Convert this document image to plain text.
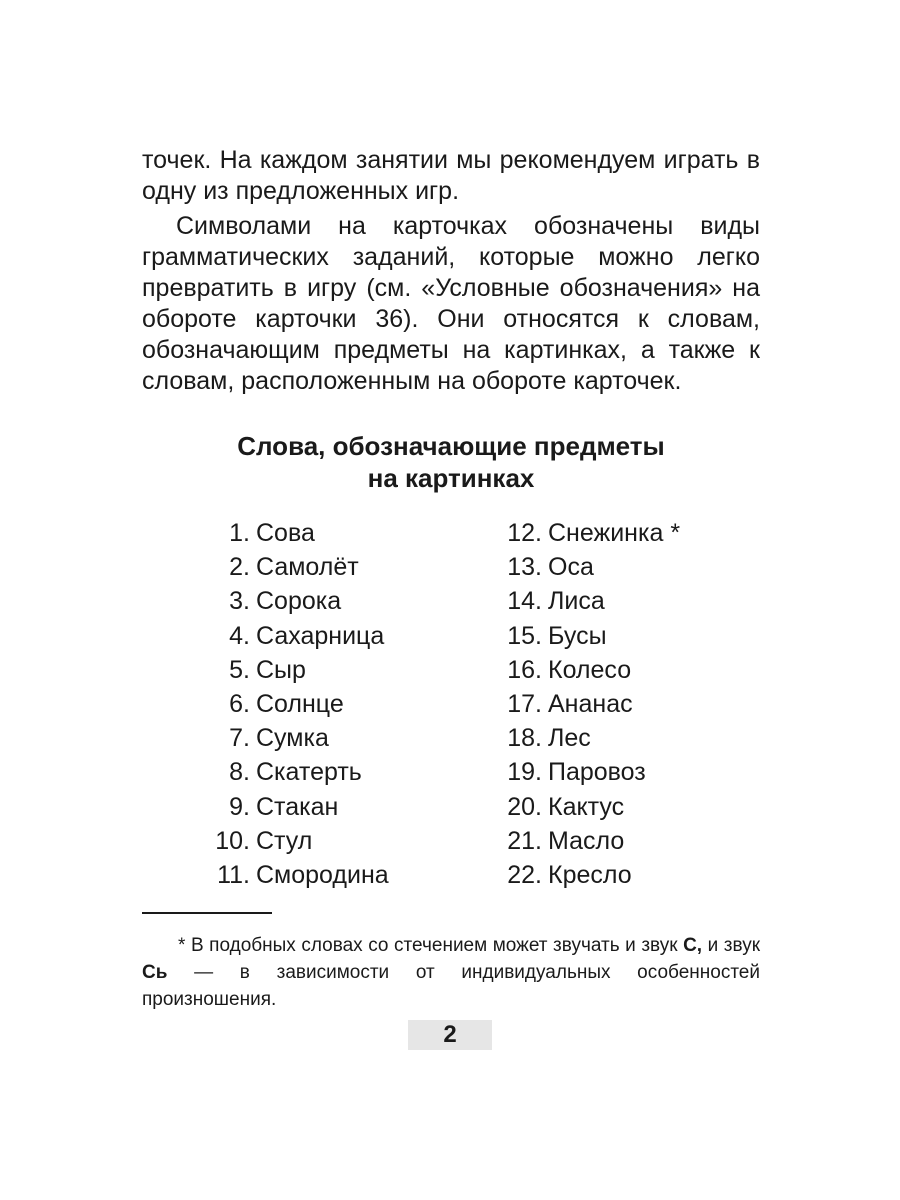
точек. На каждом занятии мы рекомендуем играть в одну из предложенных игр.

Символами на карточках обозначены виды грамматических заданий, которые можно легко превратить в игру (см. «Условные обозначения» на обороте карточки 36). Они относятся к словам, обозначающим предметы на картинках, а также к словам, расположенным на обороте карточек.

Слова, обозначающие предметы
на картинках
1. Сова
2. Самолёт
3. Сорока
4. Сахарница
5. Сыр
6. Солнце
7. Сумка
8. Скатерть
9. Стакан
10. Стул
11. Смородина
12. Снежинка *
13. Оса
14. Лиса
15. Бусы
16. Колесо
17. Ананас
18. Лес
19. Паровоз
20. Кактус
21. Масло
22. Кресло

* В подобных словах со стечением может звучать и звук С, и звук Сь — в зависимости от индивидуальных особенностей произношения.

2
